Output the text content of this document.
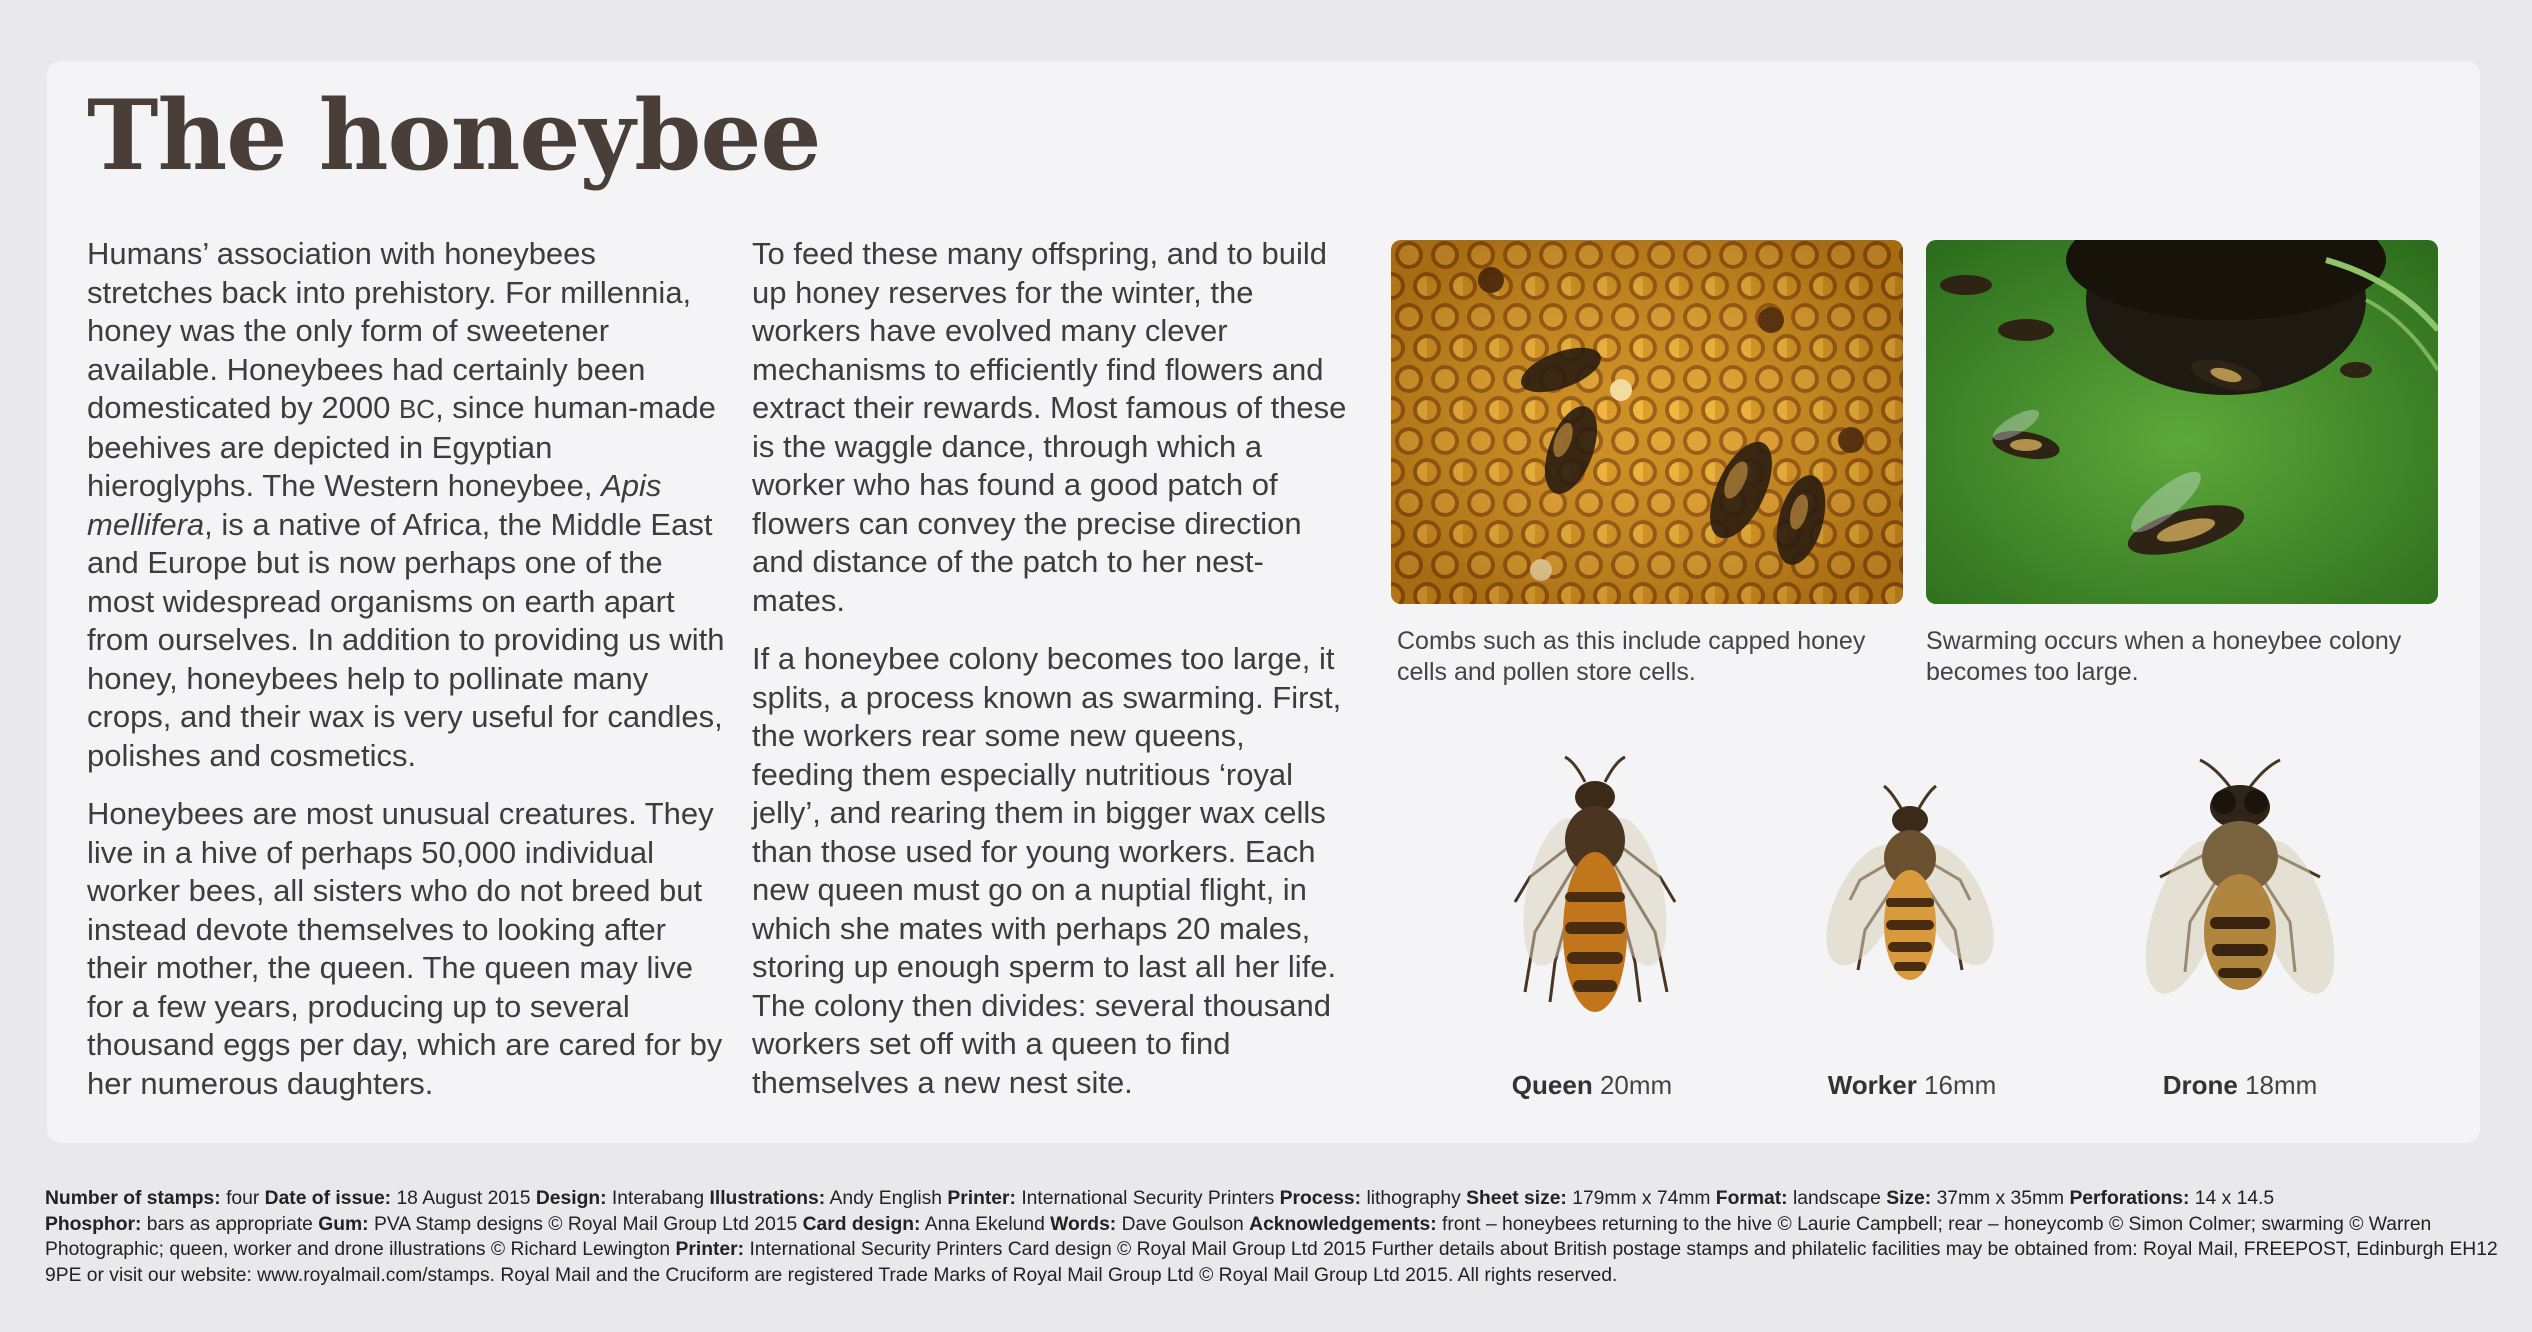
The honeybee

Humans’ association with honeybees stretches back into prehistory. For millennia, honey was the only form of sweetener available. Honeybees had certainly been domesticated by 2000 BC, since human-made beehives are depicted in Egyptian hieroglyphs. The Western honeybee, Apis mellifera, is a native of Africa, the Middle East and Europe but is now perhaps one of the most widespread organisms on earth apart from ourselves. In addition to providing us with honey, honeybees help to pollinate many crops, and their wax is very useful for candles, polishes and cosmetics.

Honeybees are most unusual creatures. They live in a hive of perhaps 50,000 individual worker bees, all sisters who do not breed but instead devote themselves to looking after their mother, the queen. The queen may live for a few years, producing up to several thousand eggs per day, which are cared for by her numerous daughters.

To feed these many offspring, and to build up honey reserves for the winter, the workers have evolved many clever mechanisms to efficiently find flowers and extract their rewards. Most famous of these is the waggle dance, through which a worker who has found a good patch of flowers can convey the precise direction and distance of the patch to her nest-mates.

If a honeybee colony becomes too large, it splits, a process known as swarming. First, the workers rear some new queens, feeding them especially nutritious ‘royal jelly’, and rearing them in bigger wax cells than those used for young workers. Each new queen must go on a nuptial flight, in which she mates with perhaps 20 males, storing up enough sperm to last all her life. The colony then divides: several thousand workers set off with a queen to find themselves a new nest site.

Combs such as this include capped honey cells and pollen store cells.
Swarming occurs when a honeybee colony becomes too large.
Queen 20mm	Worker 16mm	Drone 18mm
Number of stamps: four Date of issue: 18 August 2015 Design: Interabang Illustrations: Andy English Printer: International Security Printers Process: lithography Sheet size: 179mm x 74mm Format: landscape Size: 37mm x 35mm Perforations: 14 x 14.5
Phosphor: bars as appropriate Gum: PVA Stamp designs © Royal Mail Group Ltd 2015 Card design: Anna Ekelund Words: Dave Goulson Acknowledgements: front – honeybees returning to the hive © Laurie Campbell; rear – honeycomb © Simon Colmer; swarming © Warren Photographic; queen, worker and drone illustrations © Richard Lewington Printer: International Security Printers Card design © Royal Mail Group Ltd 2015 Further details about British postage stamps and philatelic facilities may be obtained from: Royal Mail, FREEPOST, Edinburgh EH12 9PE or visit our website: www.royalmail.com/stamps. Royal Mail and the Cruciform are registered Trade Marks of Royal Mail Group Ltd © Royal Mail Group Ltd 2015. All rights reserved.
